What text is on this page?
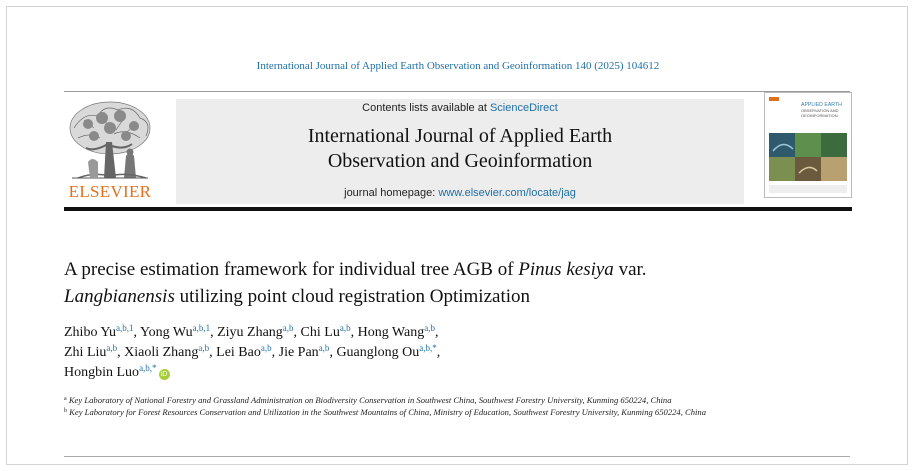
International Journal of Applied Earth Observation and Geoinformation 140 (2025) 104612
ELSEVIER
Contents lists available at ScienceDirect
International Journal of Applied Earth
Observation and Geoinformation
journal homepage: www.elsevier.com/locate/jag
APPLIED EARTH
OBSERVATION AND
GEOINFORMATION
A precise estimation framework for individual tree AGB of Pinus kesiya var.
Langbianensis utilizing point cloud registration Optimization
Zhibo Yu$^{a,b,1}$, Yong Wu$^{a,b,1}$, Ziyu Zhang$^{a,b}$, Chi Lu$^{a,b}$, Hong Wang$^{a,b}$,
Zhi Liu$^{a,b}$, Xiaoli Zhang$^{a,b}$, Lei Bao$^{a,b}$, Jie Pan$^{a,b}$, Guanglong $Ou^{a,b,*}$,
Hongbin Luo$^{a,b,*}$iD
$^a$ Key Laboratory of National Forestry and Grassland Administration on Biodiversity Conservation in Southwest China, Southwest Forestry University, Kunming 650224, China
$^b$ Key Laboratory for Forest Resources Conservation and Utilization in the Southwest Mountains of China, Ministry of Education, Southwest Forestry University, Kunming 650224, China
